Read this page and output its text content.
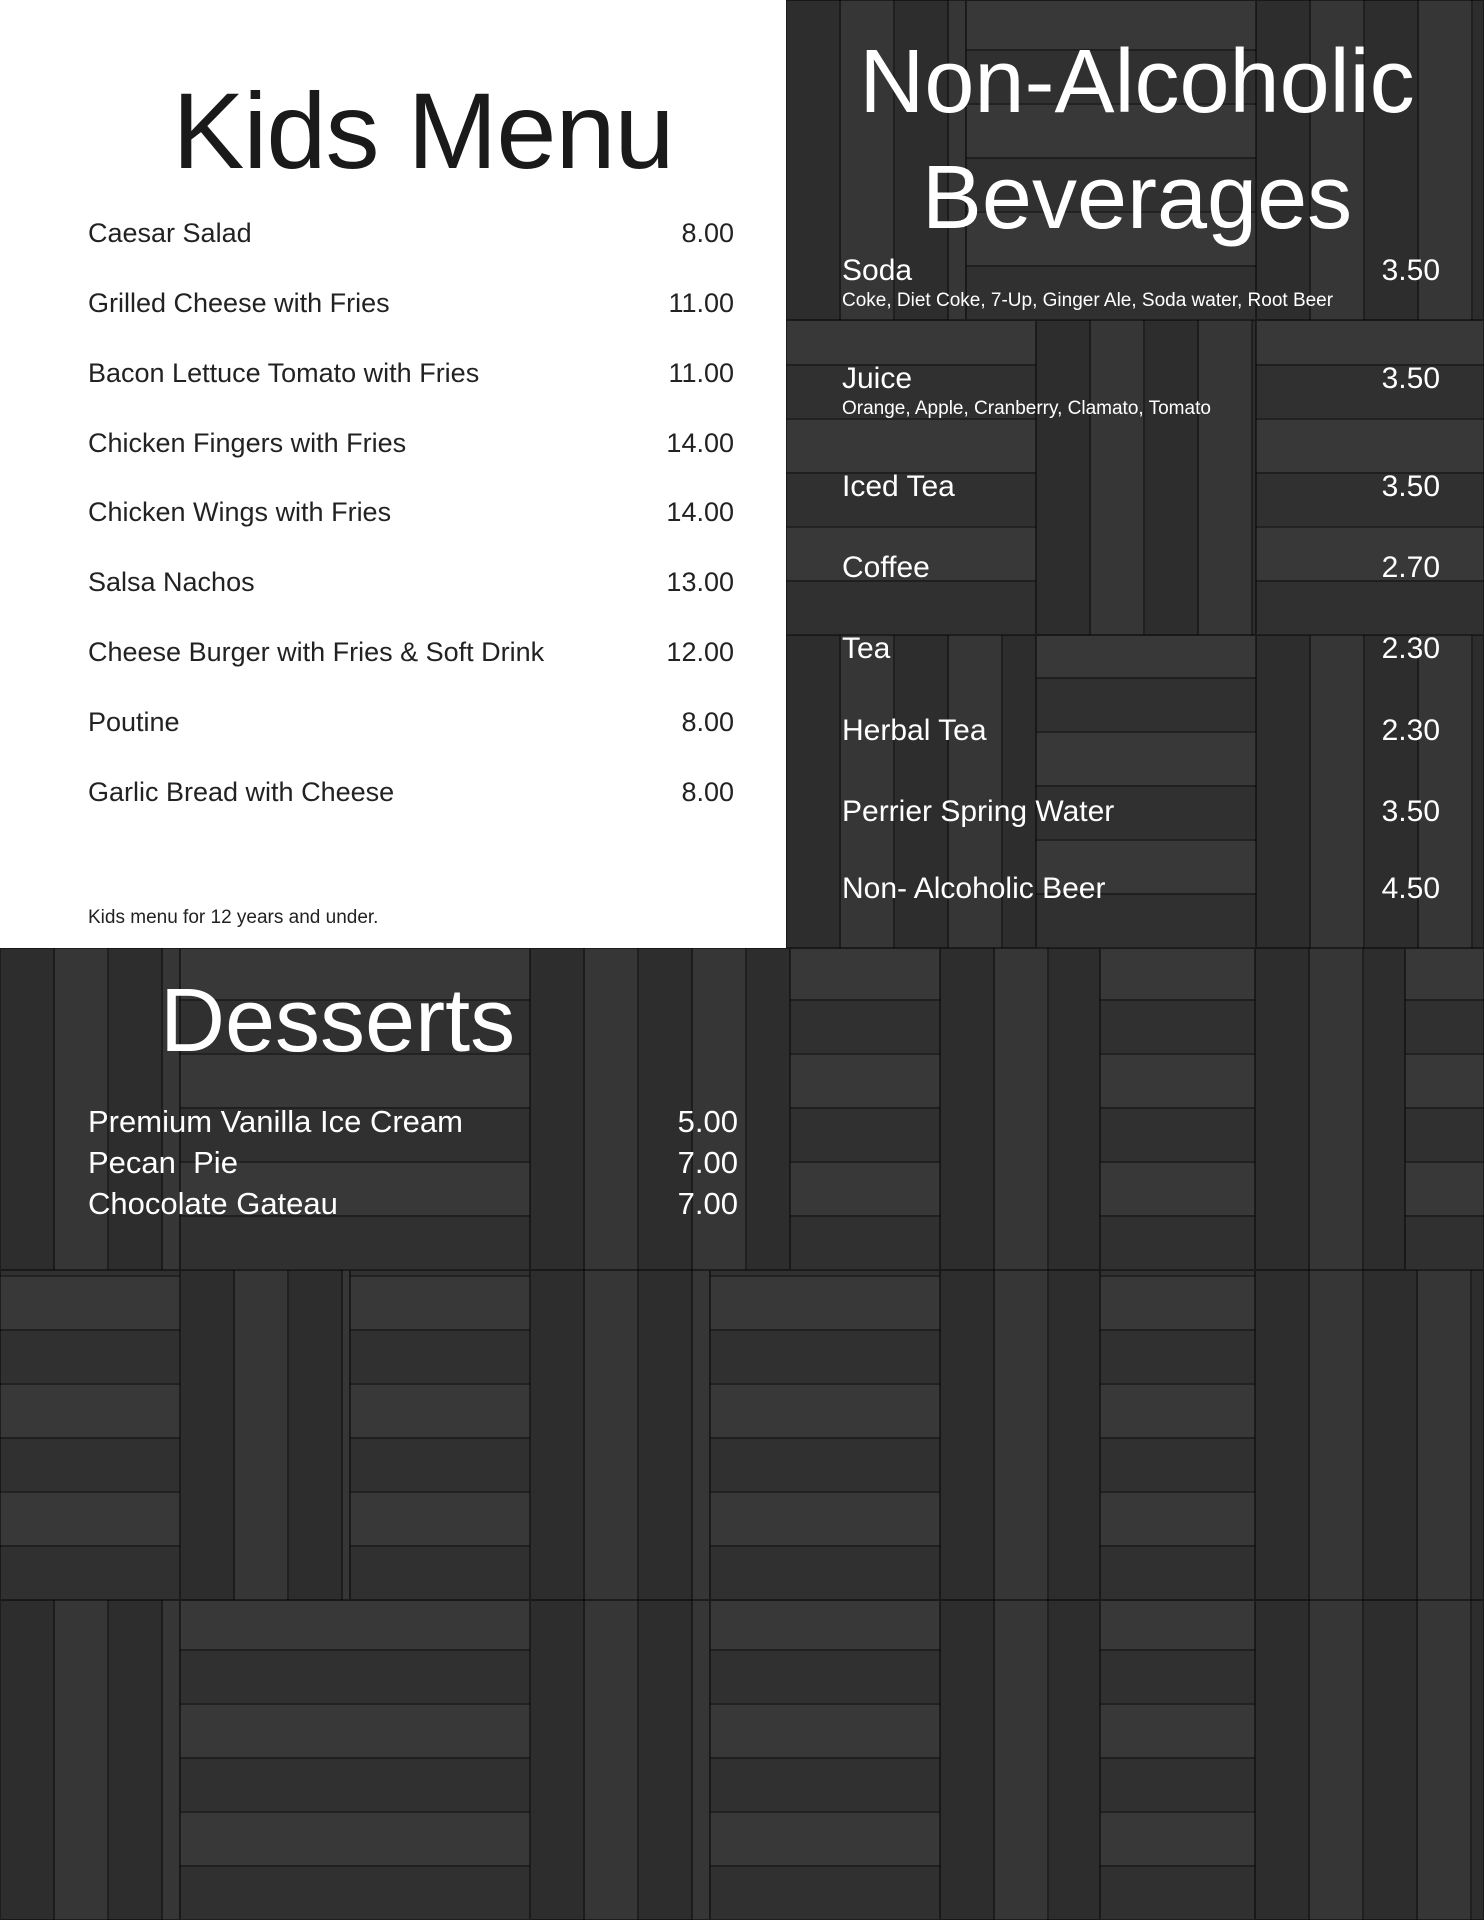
Kids Menu
Caesar Salad	8.00
Grilled Cheese with Fries	11.00
Bacon Lettuce Tomato with Fries	11.00
Chicken Fingers with Fries	14.00
Chicken Wings with Fries	14.00
Salsa Nachos	13.00
Cheese Burger with Fries & Soft Drink	12.00
Poutine	8.00
Garlic Bread with Cheese	8.00
Kids menu for 12 years and under.
Non-Alcoholic
Beverages
Soda	3.50
Coke, Diet Coke, 7-Up, Ginger Ale, Soda water, Root Beer
Juice	3.50
Orange, Apple, Cranberry, Clamato, Tomato
Iced Tea	3.50
Coffee	2.70
Tea	2.30
Herbal Tea	2.30
Perrier Spring Water	3.50
Non- Alcoholic Beer	4.50
Desserts
Premium Vanilla Ice Cream	5.00
Pecan  Pie	7.00
Chocolate Gateau	7.00
